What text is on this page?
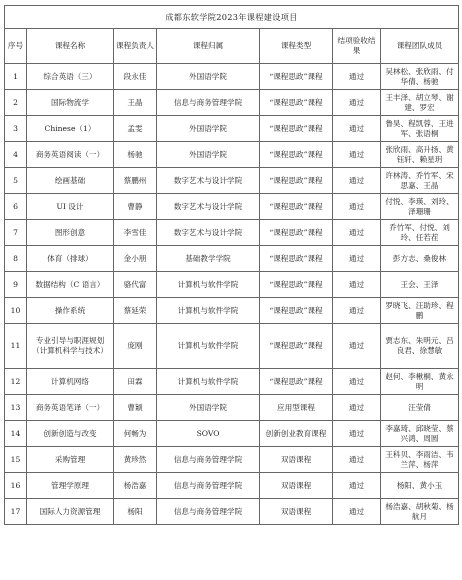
成都东软学院2023年课程建设项目						
序号	课程名称	课程负责人	课程归属	课程类型	结项验收结果	课程团队成员
1	综合英语（三）	段永佳	外国语学院	“课程思政”课程	通过	吴林松、张欣雨、付华倩、杨驰
2	国际物流学	王晶	信息与商务管理学院	“课程思政”课程	通过	王丰泽、胡立琴、谢建、罗宏
3	Chinese（1）	孟雯	外国语学院	“课程思政”课程	通过	鲁昊、程凯蓉、王进军、张语桐
4	商务英语阅读（一）	杨驰	外国语学院	“课程思政”课程	通过	张欣雨、高升扬、黄钰轩、赖星玥
5	绘画基础	蔡鹏州	数字艺术与设计学院	“课程思政”课程	通过	许林涛、乔竹军、宋思嘉、王晶
6	UI 设计	曹静	数字艺术与设计学院	“课程思政”课程	通过	付悦、李瑛、刘玲、泽珊珊
7	图形创意	李雪佳	数字艺术与设计学院	“课程思政”课程	通过	乔竹军、付悦、刘玲、任若茬
8	体育（排球）	金小朋	基础教学学院	“课程思政”课程	通过	彭方志、桑俊林
9	数据结构（C 语言）	骆代富	计算机与软件学院	“课程思政”课程	通过	王会、王泽
10	操作系统	蔡延荣	计算机与软件学院	“课程思政”课程	通过	罗晓飞、汪助珍、程鹏
11	专业引导与职涯规划（计算机科学与技术）	庞刚	计算机与软件学院	“课程思政”课程	通过	贾志东、朱明元、吕良君、徐慧敏
12	计算机网络	田霖	计算机与软件学院	“课程思政”课程	通过	赵何、李楸桐、黄永明
13	商务英语笔译（一）	曹颖	外国语学院	应用型课程	通过	汪莹倩
14	创新创造与改变	何畅为	SOVO	创新创业教育课程	通过	李嘉琦、邱晓莹、蔡兴鸿、周圆
15	采购管理	黄珍然	信息与商务管理学院	双语课程	通过	王科贝、李雨洁、韦兰萍、杨萍
16	管理学原理	杨浩嘉	信息与商务管理学院	双语课程	通过	杨阳、黄小玉
17	国际人力资源管理	杨阳	信息与商务管理学院	双语课程	通过	杨浩嘉、胡秋菊、杨航月
